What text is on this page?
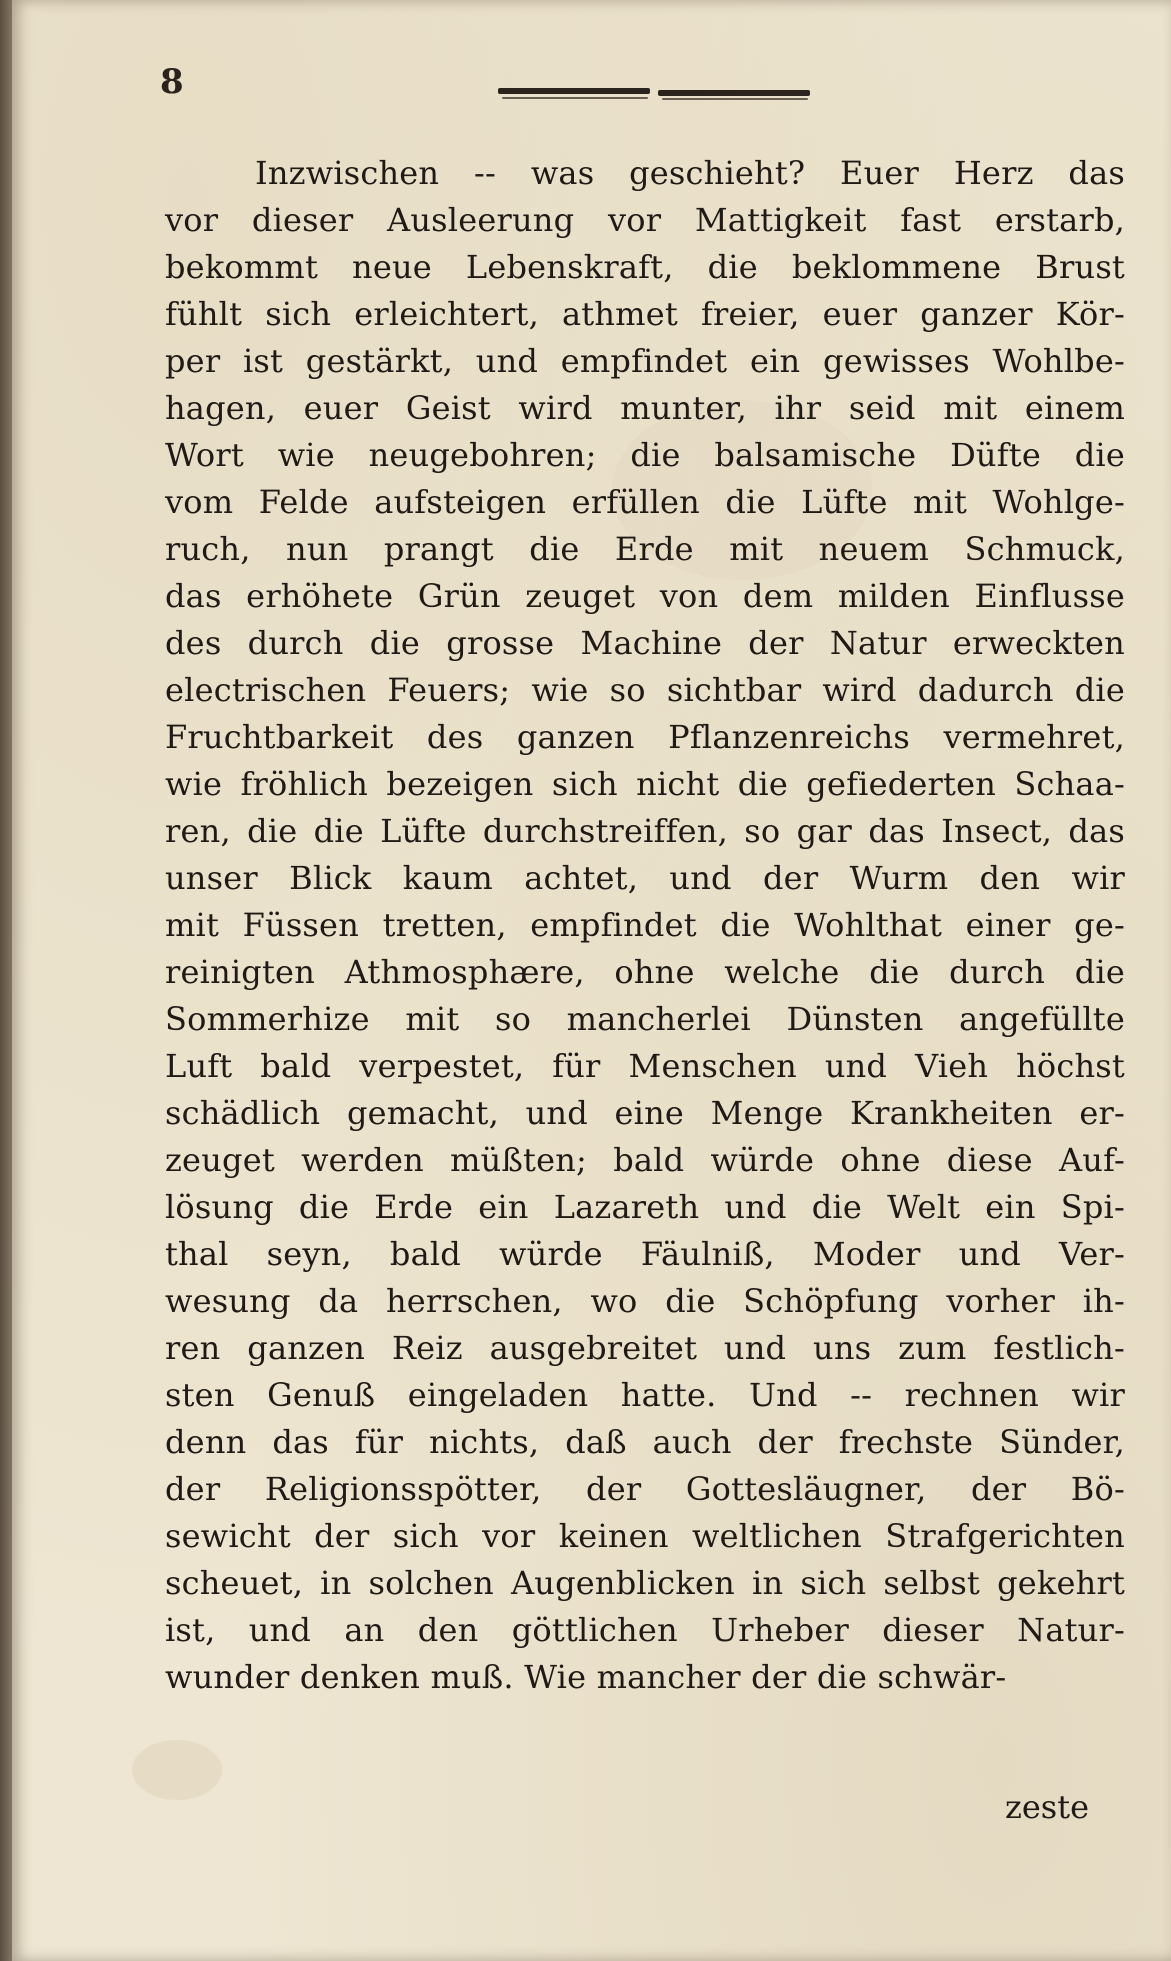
8
Inzwischen -- was geschieht? Euer Herz das
vor dieser Ausleerung vor Mattigkeit fast erstarb,
bekommt neue Lebenskraft, die beklommene Brust
fühlt sich erleichtert, athmet freier, euer ganzer Kör-
per ist gestärkt, und empfindet ein gewisses Wohlbe-
hagen, euer Geist wird munter, ihr seid mit einem
Wort wie neugebohren; die balsamische Düfte die
vom Felde aufsteigen erfüllen die Lüfte mit Wohlge-
ruch, nun prangt die Erde mit neuem Schmuck,
das erhöhete Grün zeuget von dem milden Einflusse
des durch die grosse Machine der Natur erweckten
electrischen Feuers; wie so sichtbar wird dadurch die
Fruchtbarkeit des ganzen Pflanzenreichs vermehret,
wie fröhlich bezeigen sich nicht die gefiederten Schaa-
ren, die die Lüfte durchstreiffen, so gar das Insect, das
unser Blick kaum achtet, und der Wurm den wir
mit Füssen tretten, empfindet die Wohlthat einer ge-
reinigten Athmosphære, ohne welche die durch die
Sommerhize mit so mancherlei Dünsten angefüllte
Luft bald verpestet, für Menschen und Vieh höchst
schädlich gemacht, und eine Menge Krankheiten er-
zeuget werden müßten; bald würde ohne diese Auf-
lösung die Erde ein Lazareth und die Welt ein Spi-
thal seyn, bald würde Fäulniß, Moder und Ver-
wesung da herrschen, wo die Schöpfung vorher ih-
ren ganzen Reiz ausgebreitet und uns zum festlich-
sten Genuß eingeladen hatte. Und -- rechnen wir
denn das für nichts, daß auch der frechste Sünder,
der Religionsspötter, der Gottesläugner, der Bö-
sewicht der sich vor keinen weltlichen Strafgerichten
scheuet, in solchen Augenblicken in sich selbst gekehrt
ist, und an den göttlichen Urheber dieser Natur-
wunder denken muß. Wie mancher der die schwär-
zeste
